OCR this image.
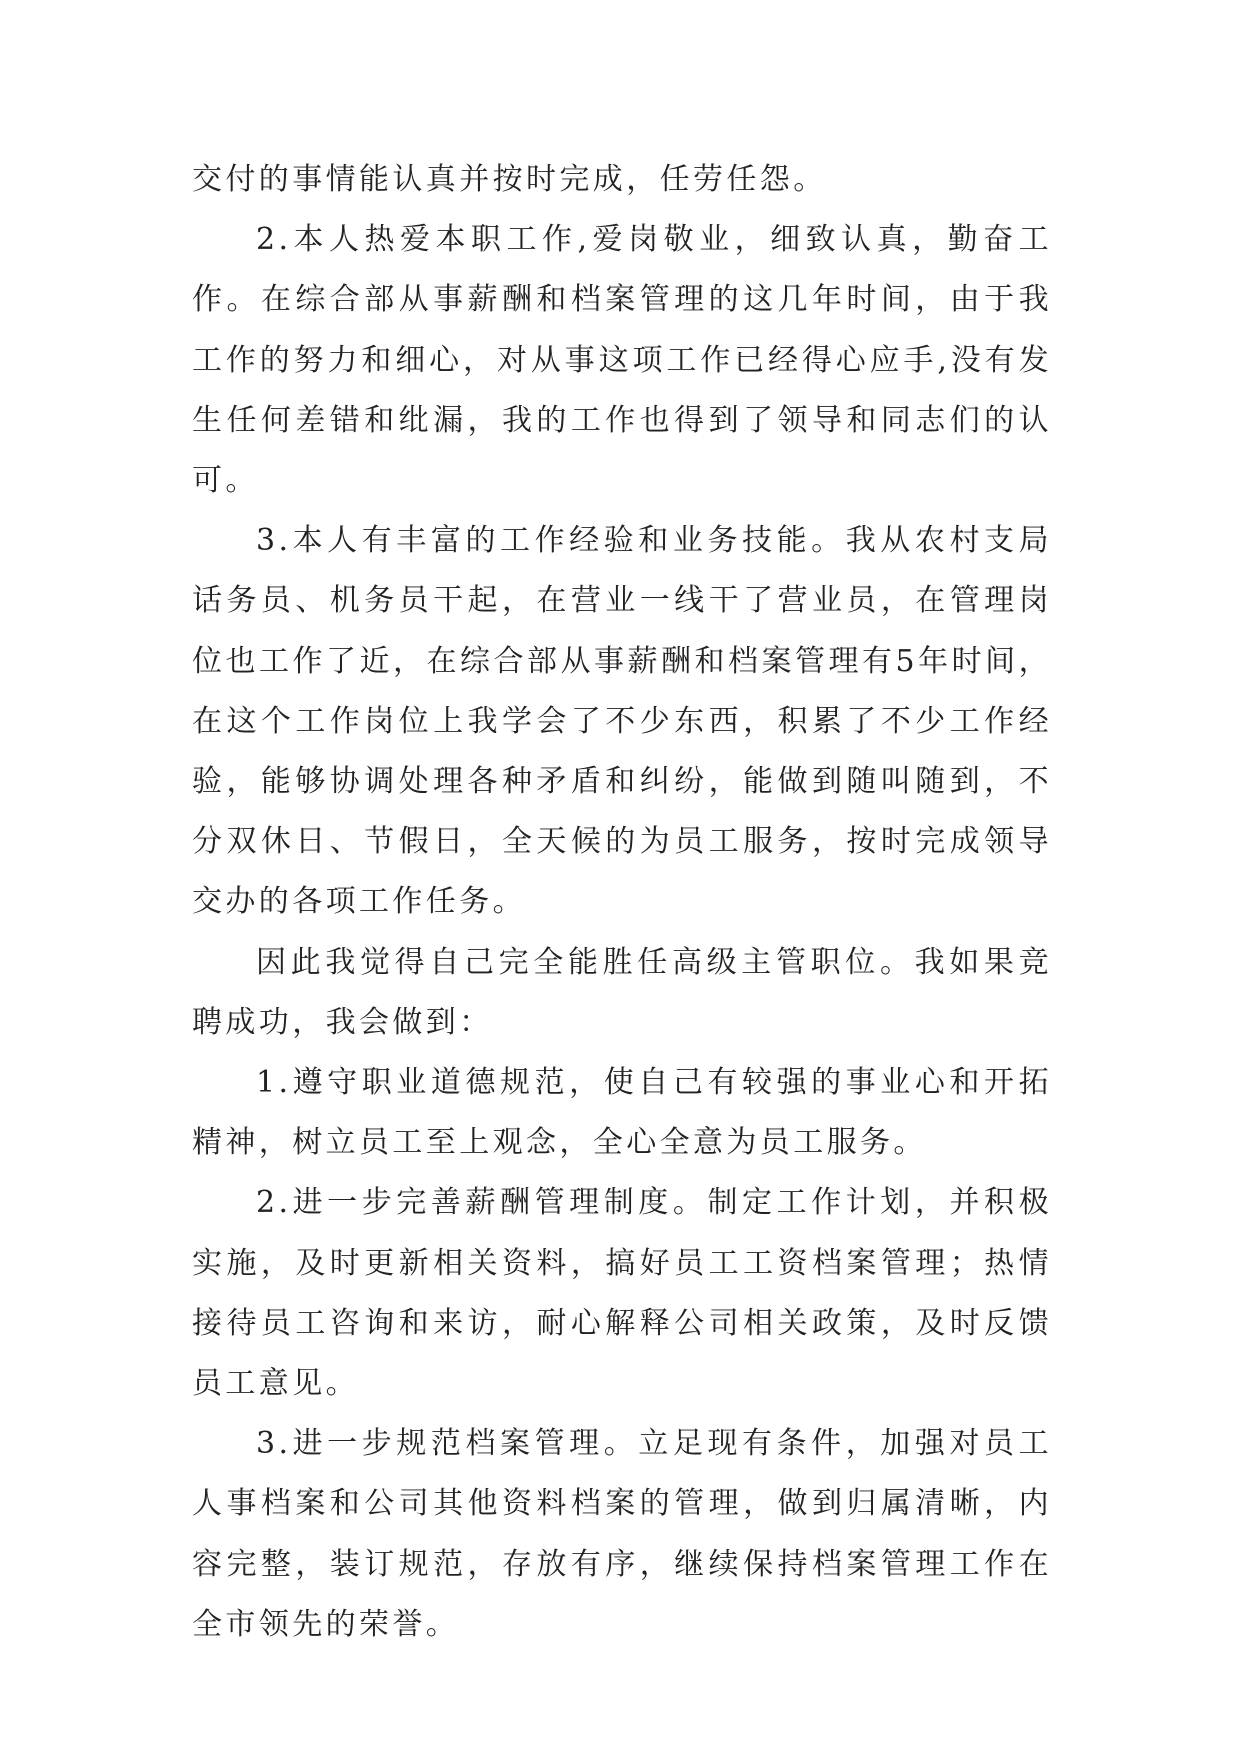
交付的事情能认真并按时完成，任劳任怨。

2.本人热爱本职工作,爱岗敬业，细致认真，勤奋工作。在综合部从事薪酬和档案管理的这几年时间，由于我工作的努力和细心，对从事这项工作已经得心应手,没有发生任何差错和纰漏，我的工作也得到了领导和同志们的认可。

3.本人有丰富的工作经验和业务技能。我从农村支局话务员、机务员干起，在营业一线干了营业员，在管理岗位也工作了近，在综合部从事薪酬和档案管理有5年时间，在这个工作岗位上我学会了不少东西，积累了不少工作经验，能够协调处理各种矛盾和纠纷，能做到随叫随到，不分双休日、节假日，全天候的为员工服务，按时完成领导交办的各项工作任务。

因此我觉得自己完全能胜任高级主管职位。我如果竞聘成功，我会做到：

1.遵守职业道德规范，使自己有较强的事业心和开拓精神，树立员工至上观念，全心全意为员工服务。

2.进一步完善薪酬管理制度。制定工作计划，并积极实施，及时更新相关资料，搞好员工工资档案管理；热情接待员工咨询和来访，耐心解释公司相关政策，及时反馈员工意见。

3.进一步规范档案管理。立足现有条件，加强对员工人事档案和公司其他资料档案的管理，做到归属清晰，内容完整，装订规范，存放有序，继续保持档案管理工作在全市领先的荣誉。
